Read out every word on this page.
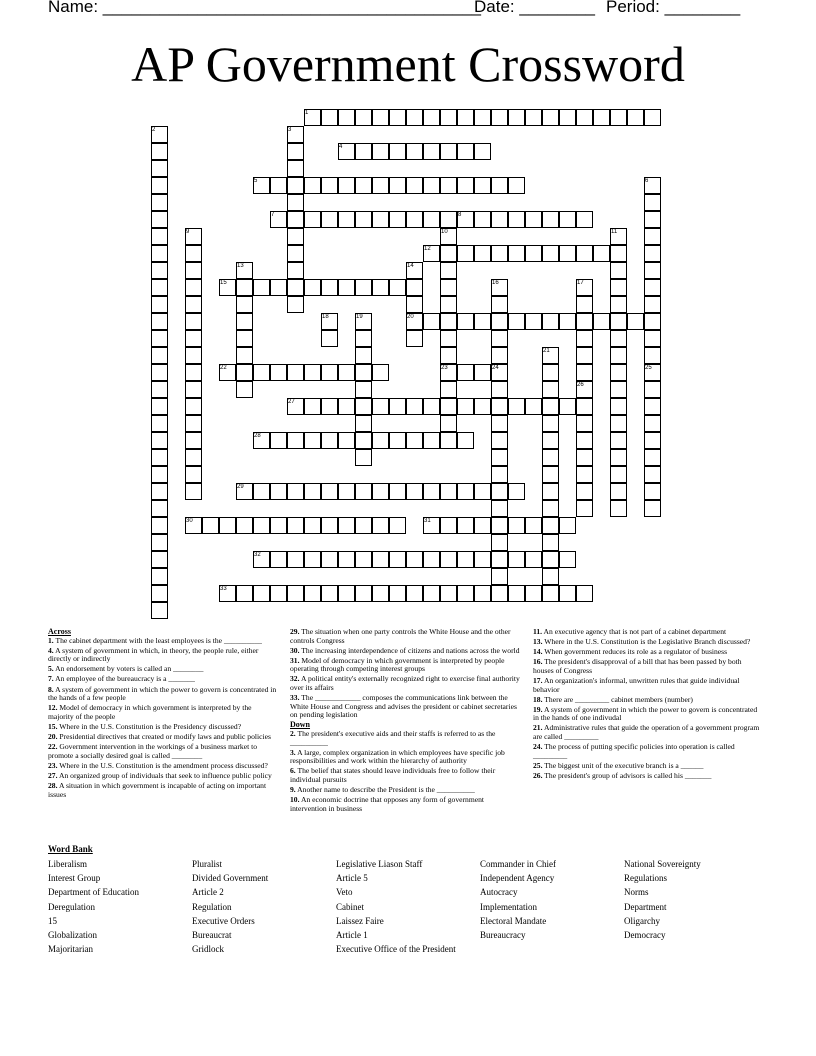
Name: ________________________________________
Date: ________ Period: ________
AP Government Crossword
1
2	3
4
5	6
7	8
9	10	11
12
13	14
15	16	17
18	19	20
21
22	23	24	25
26
27
28
29
30	31
32
33
Across

1. The cabinet department with the least employees is the __________

4. A system of government in which, in theory, the people rule, either directly or indirectly

5. An endorsement by voters is called an ________

7. An employee of the bureaucracy is a _______

8. A system of government in which the power to govern is concentrated in the hands of a few people

12. Model of democracy in which government is interpreted by the majority of the people

15. Where in the U.S. Constitution is the Presidency discussed?

20. Presidential directives that created or modify laws and public policies

22. Government intervention in the workings of a business market to promote a socially desired goal is called ________

23. Where in the U.S. Constitution is the amendment process discussed?

27. An organized group of individuals that seek to influence public policy

28. A situation in which government is incapable of acting on important issues

29. The situation when one party controls the White House and the other controls Congress

30. The increasing interdependence of citizens and nations across the world

31. Model of democracy in which government is interpreted by people operating through competing interest groups

32. A political entity's externally recognized right to exercise final authority over its affairs

33. The ____________ composes the communications link between the White House and Congress and advises the president or cabinet secretaries on pending legislation

Down

2. The president's executive aids and their staffs is referred to as the __________

3. A large, complex organization in which employees have specific job responsibilities and work within the hierarchy of authority

6. The belief that states should leave individuals free to follow their individual pursuits

9. Another name to describe the President is the __________

10. An economic doctrine that opposes any form of government intervention in business

11. An executive agency that is not part of a cabinet department

13. Where in the U.S. Constitution is the Legislative Branch discussed?

14. When government reduces its role as a regulator of business

16. The president's disapproval of a bill that has been passed by both houses of Congress

17. An organization's informal, unwritten rules that guide individual behavior

18. There are _________ cabinet members (number)

19. A system of government in which the power to govern is concentrated in the hands of one indivudal

21. Administrative rules that guide the operation of a government program are called _________

24. The process of putting specific policies into operation is called _________

25. The biggest unit of the executive branch is a ______

26. The president's group of advisors is called his _______

Word Bank
Liberalism
Interest Group
Department of Education
Deregulation
15
Globalization
Majoritarian
Pluralist
Divided Government
Article 2
Regulation
Executive Orders
Bureaucrat
Gridlock
Legislative Liason Staff
Article 5
Veto
Cabinet
Laissez Faire
Article 1
Executive Office of the President
Commander in Chief
Independent Agency
Autocracy
Implementation
Electoral Mandate
Bureaucracy
National Sovereignty
Regulations
Norms
Department
Oligarchy
Democracy
